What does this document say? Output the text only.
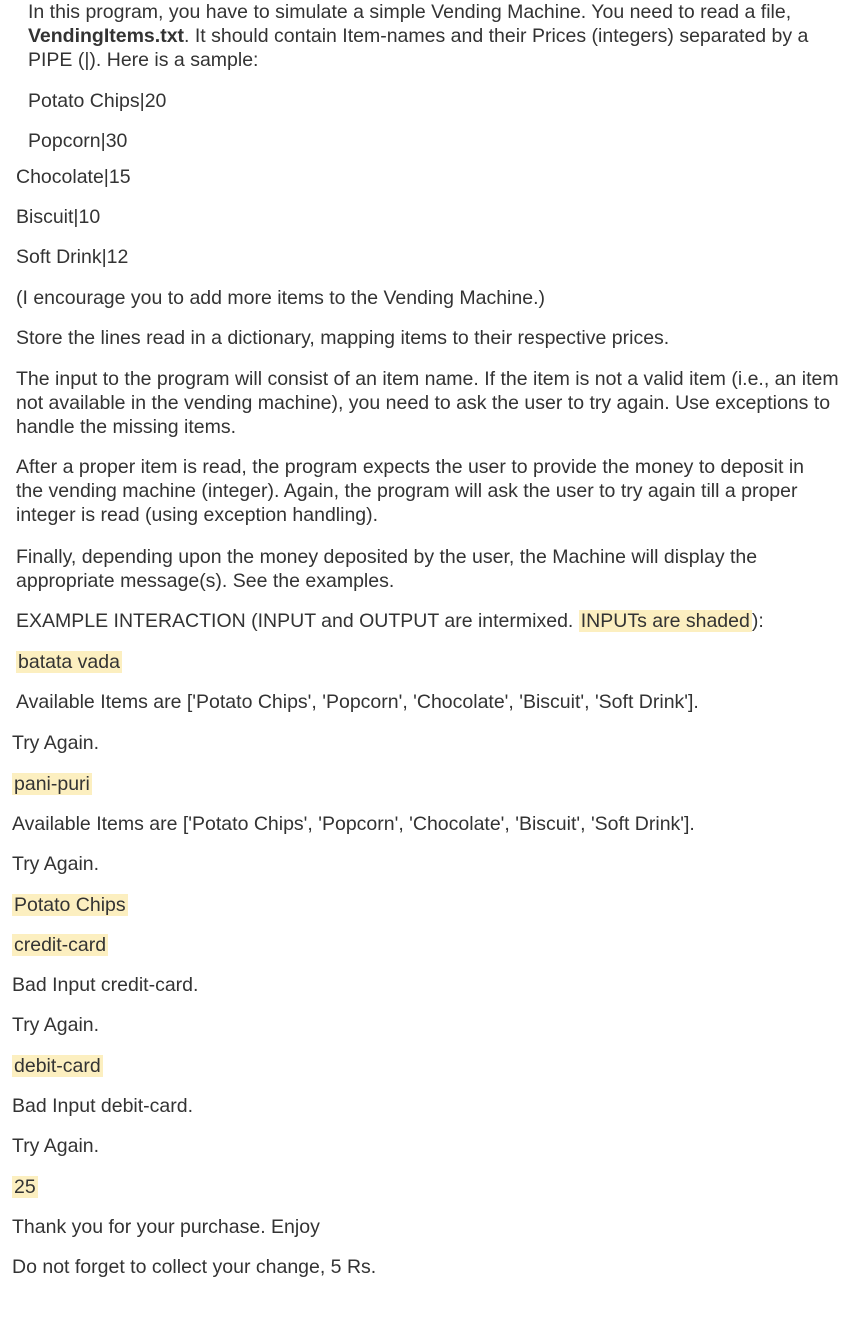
In this program, you have to simulate a simple Vending Machine. You need to read a file, VendingItems.txt. It should contain Item-names and their Prices (integers) separated by a PIPE (|). Here is a sample:
Potato Chips|20
Popcorn|30
Chocolate|15
Biscuit|10
Soft Drink|12
(I encourage you to add more items to the Vending Machine.)
Store the lines read in a dictionary, mapping items to their respective prices.
The input to the program will consist of an item name. If the item is not a valid item (i.e., an item not available in the vending machine), you need to ask the user to try again. Use exceptions to handle the missing items.
After a proper item is read, the program expects the user to provide the money to deposit in the vending machine (integer). Again, the program will ask the user to try again till a proper integer is read (using exception handling).
Finally, depending upon the money deposited by the user, the Machine will display the appropriate message(s). See the examples.
EXAMPLE INTERACTION (INPUT and OUTPUT are intermixed. INPUTs are shaded ):
batata vada
Available Items are ['Potato Chips', 'Popcorn', 'Chocolate', 'Biscuit', 'Soft Drink'].
Try Again.
pani-puri
Available Items are ['Potato Chips', 'Popcorn', 'Chocolate', 'Biscuit', 'Soft Drink'].
Try Again.
Potato Chips
credit-card
Bad Input credit-card.
Try Again.
debit-card
Bad Input debit-card.
Try Again.
25
Thank you for your purchase. Enjoy
Do not forget to collect your change, 5 Rs.
